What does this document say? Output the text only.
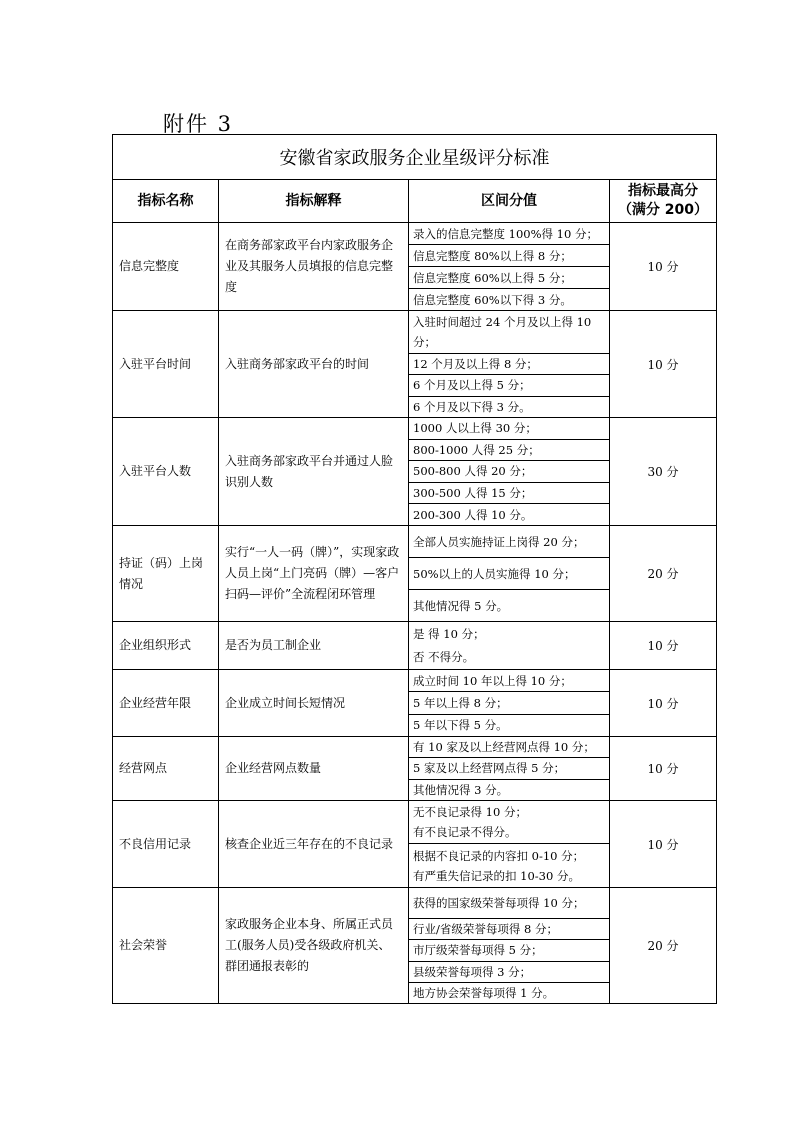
附件 3
安徽省家政服务企业星级评分标准			
指标名称	指标解释	区间分值	指标最高分
（满分 200）
信息完整度	在商务部家政平台内家政服务企业及其服务人员填报的信息完整度	录入的信息完整度 100%得 10 分；
信息完整度 80%以上得 8 分；
信息完整度 60%以上得 5 分；
信息完整度 60%以下得 3 分。	10 分
入驻平台时间	入驻商务部家政平台的时间	入驻时间超过 24 个月及以上得 10 分；
12 个月及以上得 8 分；
6 个月及以上得 5 分；
6 个月及以下得 3 分。	10 分
入驻平台人数	入驻商务部家政平台并通过人脸识别人数	1000 人以上得 30 分；
800-1000 人得 25 分；
500-800 人得 20 分；
300-500 人得 15 分；
200-300 人得 10 分。	30 分
持证（码）上岗情况	实行“一人一码（牌）”，实现家政人员上岗“上门亮码（牌）—客户扫码—评价”全流程闭环管理	全部人员实施持证上岗得 20 分；
50%以上的人员实施得 10 分；
其他情况得 5 分。	20 分
企业组织形式	是否为员工制企业	是 得 10 分；
否 不得分。	10 分
企业经营年限	企业成立时间长短情况	成立时间 10 年以上得 10 分；
5 年以上得 8 分；
5 年以下得 5 分。	10 分
经营网点	企业经营网点数量	有 10 家及以上经营网点得 10 分；
5 家及以上经营网点得 5 分；
其他情况得 3 分。	10 分
不良信用记录	核查企业近三年存在的不良记录	无不良记录得 10 分；
有不良记录不得分。
根据不良记录的内容扣 0-10 分；
有严重失信记录的扣 10-30 分。	10 分
社会荣誉	家政服务企业本身、所属正式员工(服务人员)受各级政府机关、群团通报表彰的	获得的国家级荣誉每项得 10 分；
行业/省级荣誉每项得 8 分；
市厅级荣誉每项得 5 分；
县级荣誉每项得 3 分；
地方协会荣誉每项得 1 分。	20 分
